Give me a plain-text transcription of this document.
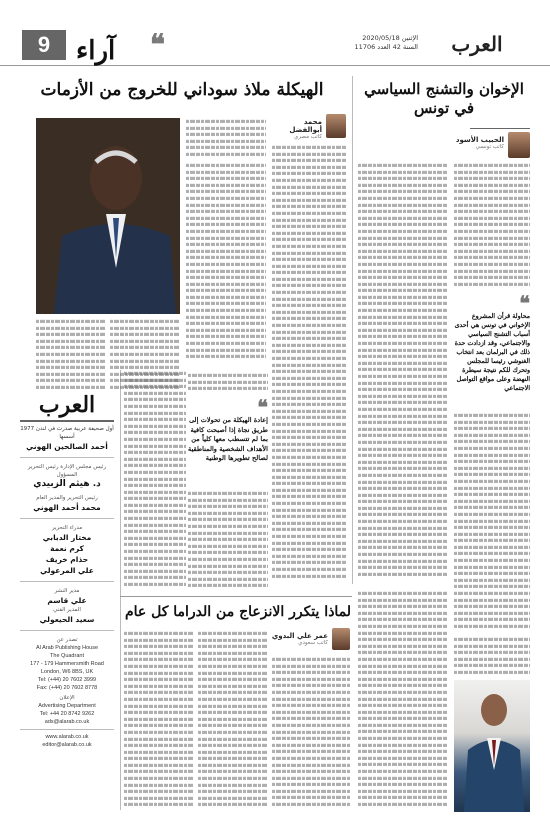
العرب
الإثنين 2020/05/18
السنة 42 العدد 11706
❝
آراء
9
الإخوان والتشنج السياسي في تونس
الحبيب الأسود
كاتب تونسي
❝
محاولة قرأن المشروع الإخواني في تونس هي أحدى أسباب التشنج السياسي والاجتماعي، وقد ازدادت حدة ذلك في البرلمان بعد انتخاب الغنوشي رئيسا للمجلس وتحرك للكم نتيجة سيطرة النهضة وعلى مواقع التواصل الاجتماعي
الهيكلة ملاذ سوداني للخروج من الأزمات
محمد أبوالفضل
كاتب مصري
❝
إعادة الهيكلة من تحولات إلى طريق نجاة إذا أصبحت كافية بما لم تتسطب معها كلياً من الأهداف الشخصية والمناطقية لصالح تطويرها الوطنية
لماذا يتكرر الانزعاج من الدراما كل عام
عمر علي البدوي
كاتب سعودي
العرب
أول صحيفة عربية صدرت في لندن 1977 أسسها
أحمد الصالحين الهوني
رئيس مجلس الإدارة رئيس التحرير المسؤول
د. هيثم الزبيدي
رئيس التحرير والمدير العام
محمد أحمد الهوني
مدراء التحرير
مختار الدبابي
كرم نعمة
حذام خريف
علي المرعولي
مدير النشر
علي قاسم
المدير الفني
سعيد الحيعولي
تصدر عن
Al Arab Publishing House
The Quadrant
177 - 179 Hammersmith Road
London, W6 8BS, UK
Tel: (+44) 20 7602 3999
Fax: (+44) 20 7602 8778
الإعلان
Advertising Department
Tel: +44 20 8742 9262
ads@alarab.co.uk
www.alarab.co.uk
editor@alarab.co.uk
